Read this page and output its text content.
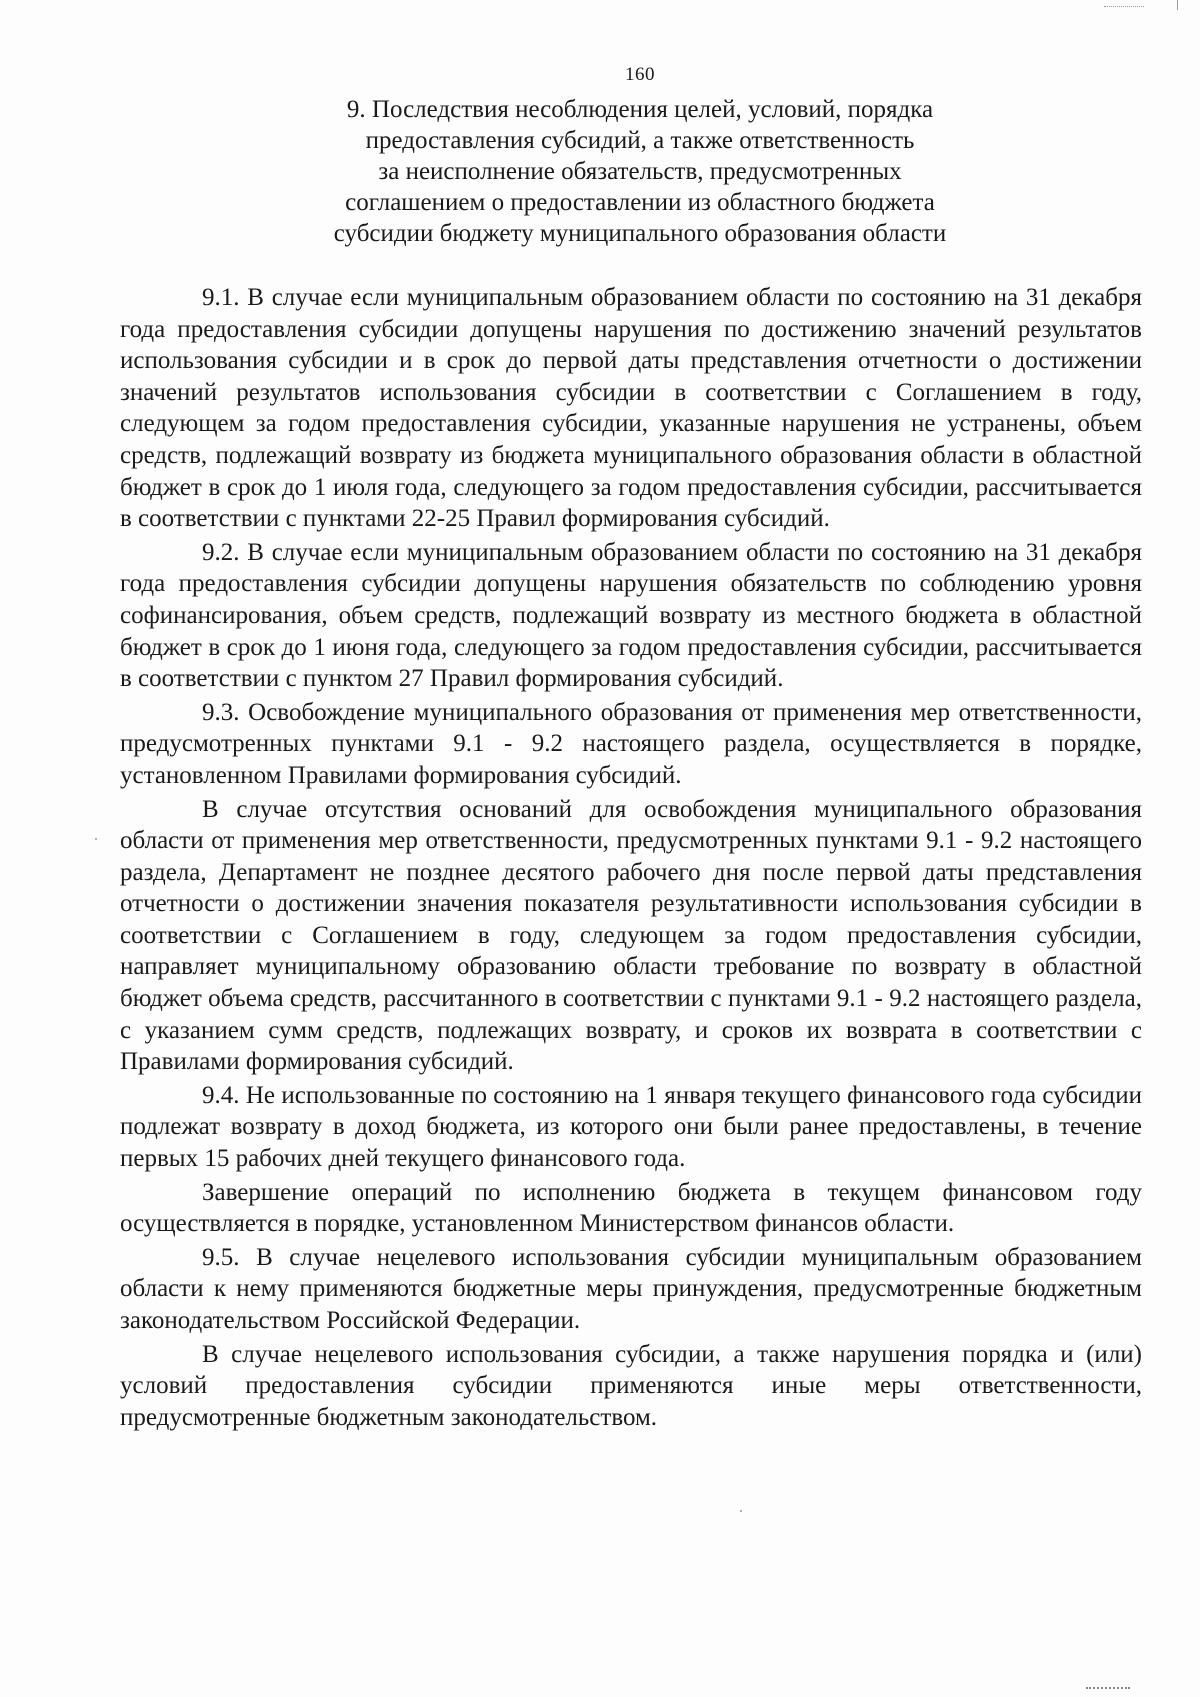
160
9. Последствия несоблюдения целей, условий, порядка
предоставления субсидий, а также ответственность
за неисполнение обязательств, предусмотренных
соглашением о предоставлении из областного бюджета
субсидии бюджету муниципального образования области

9.1. В случае если муниципальным образованием области по состоянию на 31 декабря года предоставления субсидии допущены нарушения по достижению значений результатов использования субсидии и в срок до первой даты представления отчетности о достижении значений результатов использования субсидии в соответствии с Соглашением в году, следующем за годом предоставления субсидии, указанные нарушения не устранены, объем средств, подлежащий возврату из бюджета муниципального образования области в областной бюджет в срок до 1 июля года, следующего за годом предоставления субсидии, рассчитывается в соответствии с пунктами 22-25 Правил формирования субсидий.

9.2. В случае если муниципальным образованием области по состоянию на 31 декабря года предоставления субсидии допущены нарушения обязательств по соблюдению уровня софинансирования, объем средств, подлежащий возврату из местного бюджета в областной бюджет в срок до 1 июня года, следующего за годом предоставления субсидии, рассчитывается в соответствии с пунктом 27 Правил формирования субсидий.

9.3. Освобождение муниципального образования от применения мер ответственности, предусмотренных пунктами 9.1 - 9.2 настоящего раздела, осуществляется в порядке, установленном Правилами формирования субсидий.

В случае отсутствия оснований для освобождения муниципального образования области от применения мер ответственности, предусмотренных пунктами 9.1 - 9.2 настоящего раздела, Департамент не позднее десятого рабочего дня после первой даты представления отчетности о достижении значения показателя результативности использования субсидии в соответствии с Соглашением в году, следующем за годом предоставления субсидии, направляет муниципальному образованию области требование по возврату в областной бюджет объема средств, рассчитанного в соответствии с пунктами 9.1 - 9.2 настоящего раздела, с указанием сумм средств, подлежащих возврату, и сроков их возврата в соответствии с Правилами формирования субсидий.

9.4. Не использованные по состоянию на 1 января текущего финансового года субсидии подлежат возврату в доход бюджета, из которого они были ранее предоставлены, в течение первых 15 рабочих дней текущего финансового года.

Завершение операций по исполнению бюджета в текущем финансовом году осуществляется в порядке, установленном Министерством финансов области.

9.5. В случае нецелевого использования субсидии муниципальным образованием области к нему применяются бюджетные меры принуждения, предусмотренные бюджетным законодательством Российской Федерации.

В случае нецелевого использования субсидии, а также нарушения порядка и (или) условий предоставления субсидии применяются иные меры ответственности, предусмотренные бюджетным законодательством.
